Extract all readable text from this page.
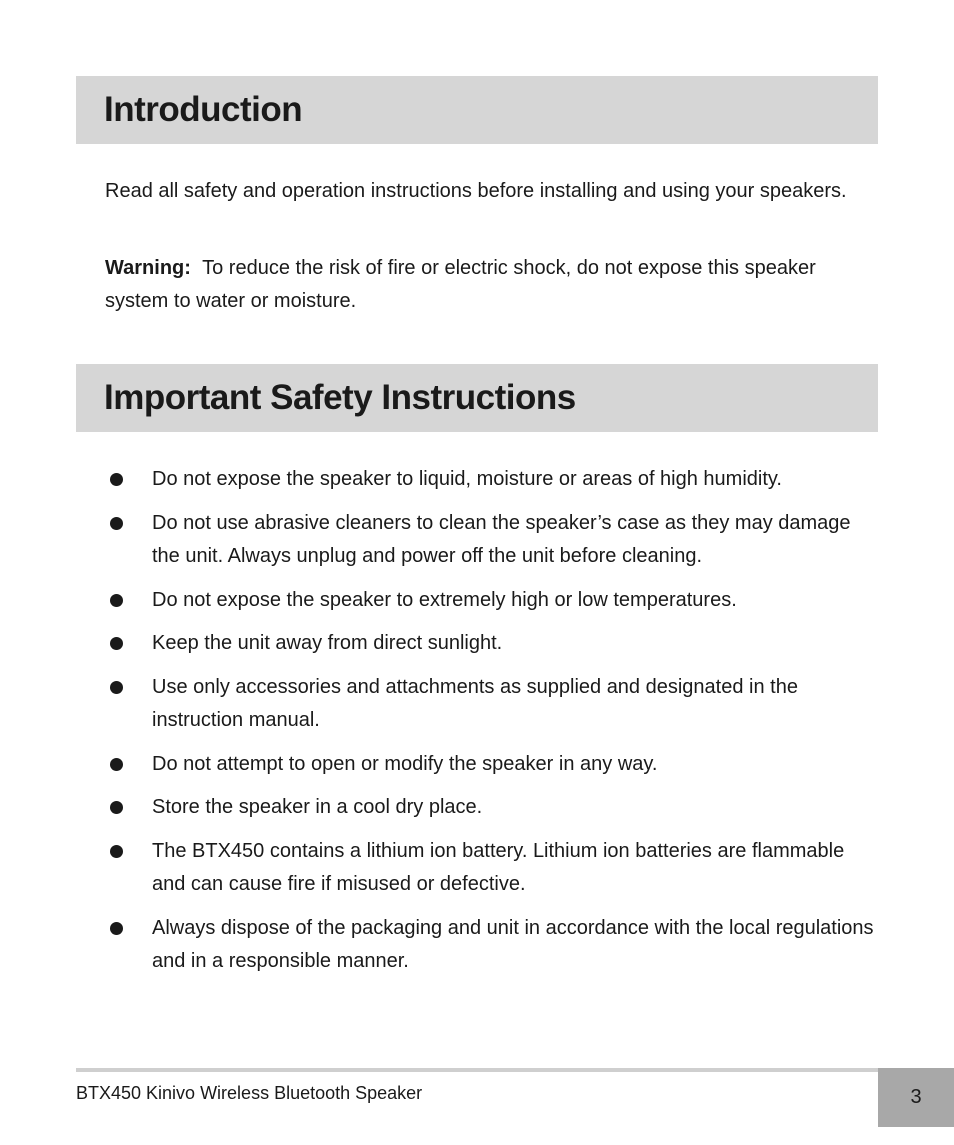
Introduction

Read all safety and operation instructions before installing and using your speakers.

Warning: To reduce the risk of fire or electric shock, do not expose this speaker system to water or moisture.

Important Safety Instructions
Do not expose the speaker to liquid, moisture or areas of high humidity.
Do not use abrasive cleaners to clean the speaker’s case as they may damage the unit. Always unplug and power off the unit before cleaning.
Do not expose the speaker to extremely high or low temperatures.
Keep the unit away from direct sunlight.
Use only accessories and attachments as supplied and designated in the instruction manual.
Do not attempt to open or modify the speaker in any way.
Store the speaker in a cool dry place.
The BTX450 contains a lithium ion battery. Lithium ion batteries are flammable and can cause fire if misused or defective.
Always dispose of the packaging and unit in accordance with the local regulations and in a responsible manner.
BTX450 Kinivo Wireless Bluetooth Speaker	3
